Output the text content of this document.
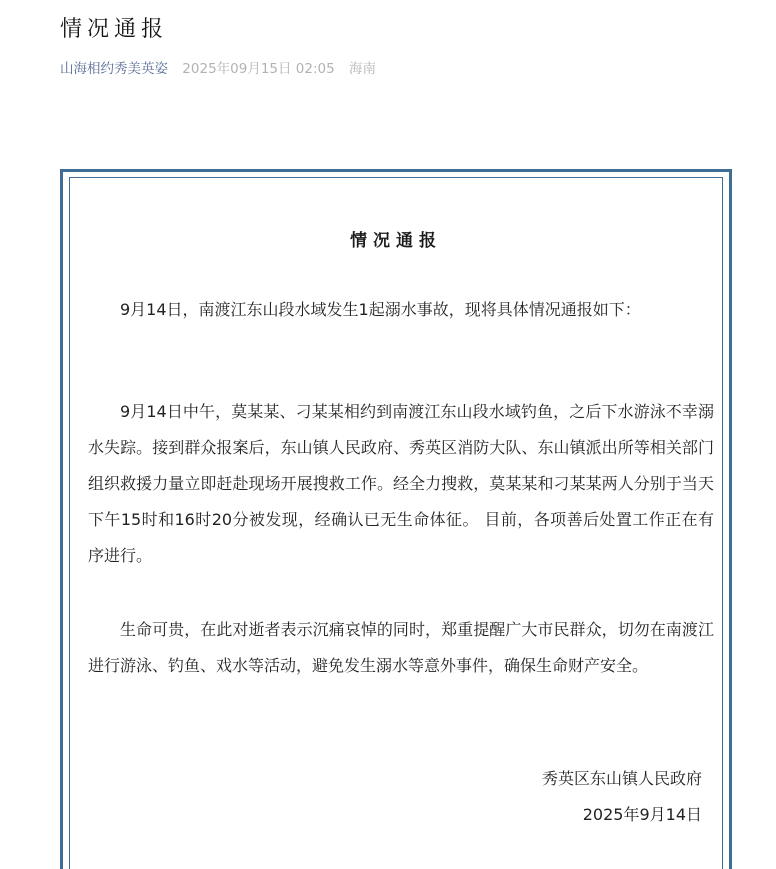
情况通报
山海相约秀美英姿 2025年09月15日 02:05 海南
情况通报

9月14日，南渡江东山段水域发生1起溺水事故，现将具体情况通报如下：

9月14日中午，莫某某、刁某某相约到南渡江东山段水域钓鱼，之后下水游泳不幸溺水失踪。接到群众报案后，东山镇人民政府、秀英区消防大队、东山镇派出所等相关部门组织救援力量立即赶赴现场开展搜救工作。经全力搜救，莫某某和刁某某两人分别于当天下午15时和16时20分被发现，经确认已无生命体征。 目前，各项善后处置工作正在有序进行。

生命可贵，在此对逝者表示沉痛哀悼的同时，郑重提醒广大市民群众，切勿在南渡江进行游泳、钓鱼、戏水等活动，避免发生溺水等意外事件，确保生命财产安全。

秀英区东山镇人民政府
2025年9月14日
